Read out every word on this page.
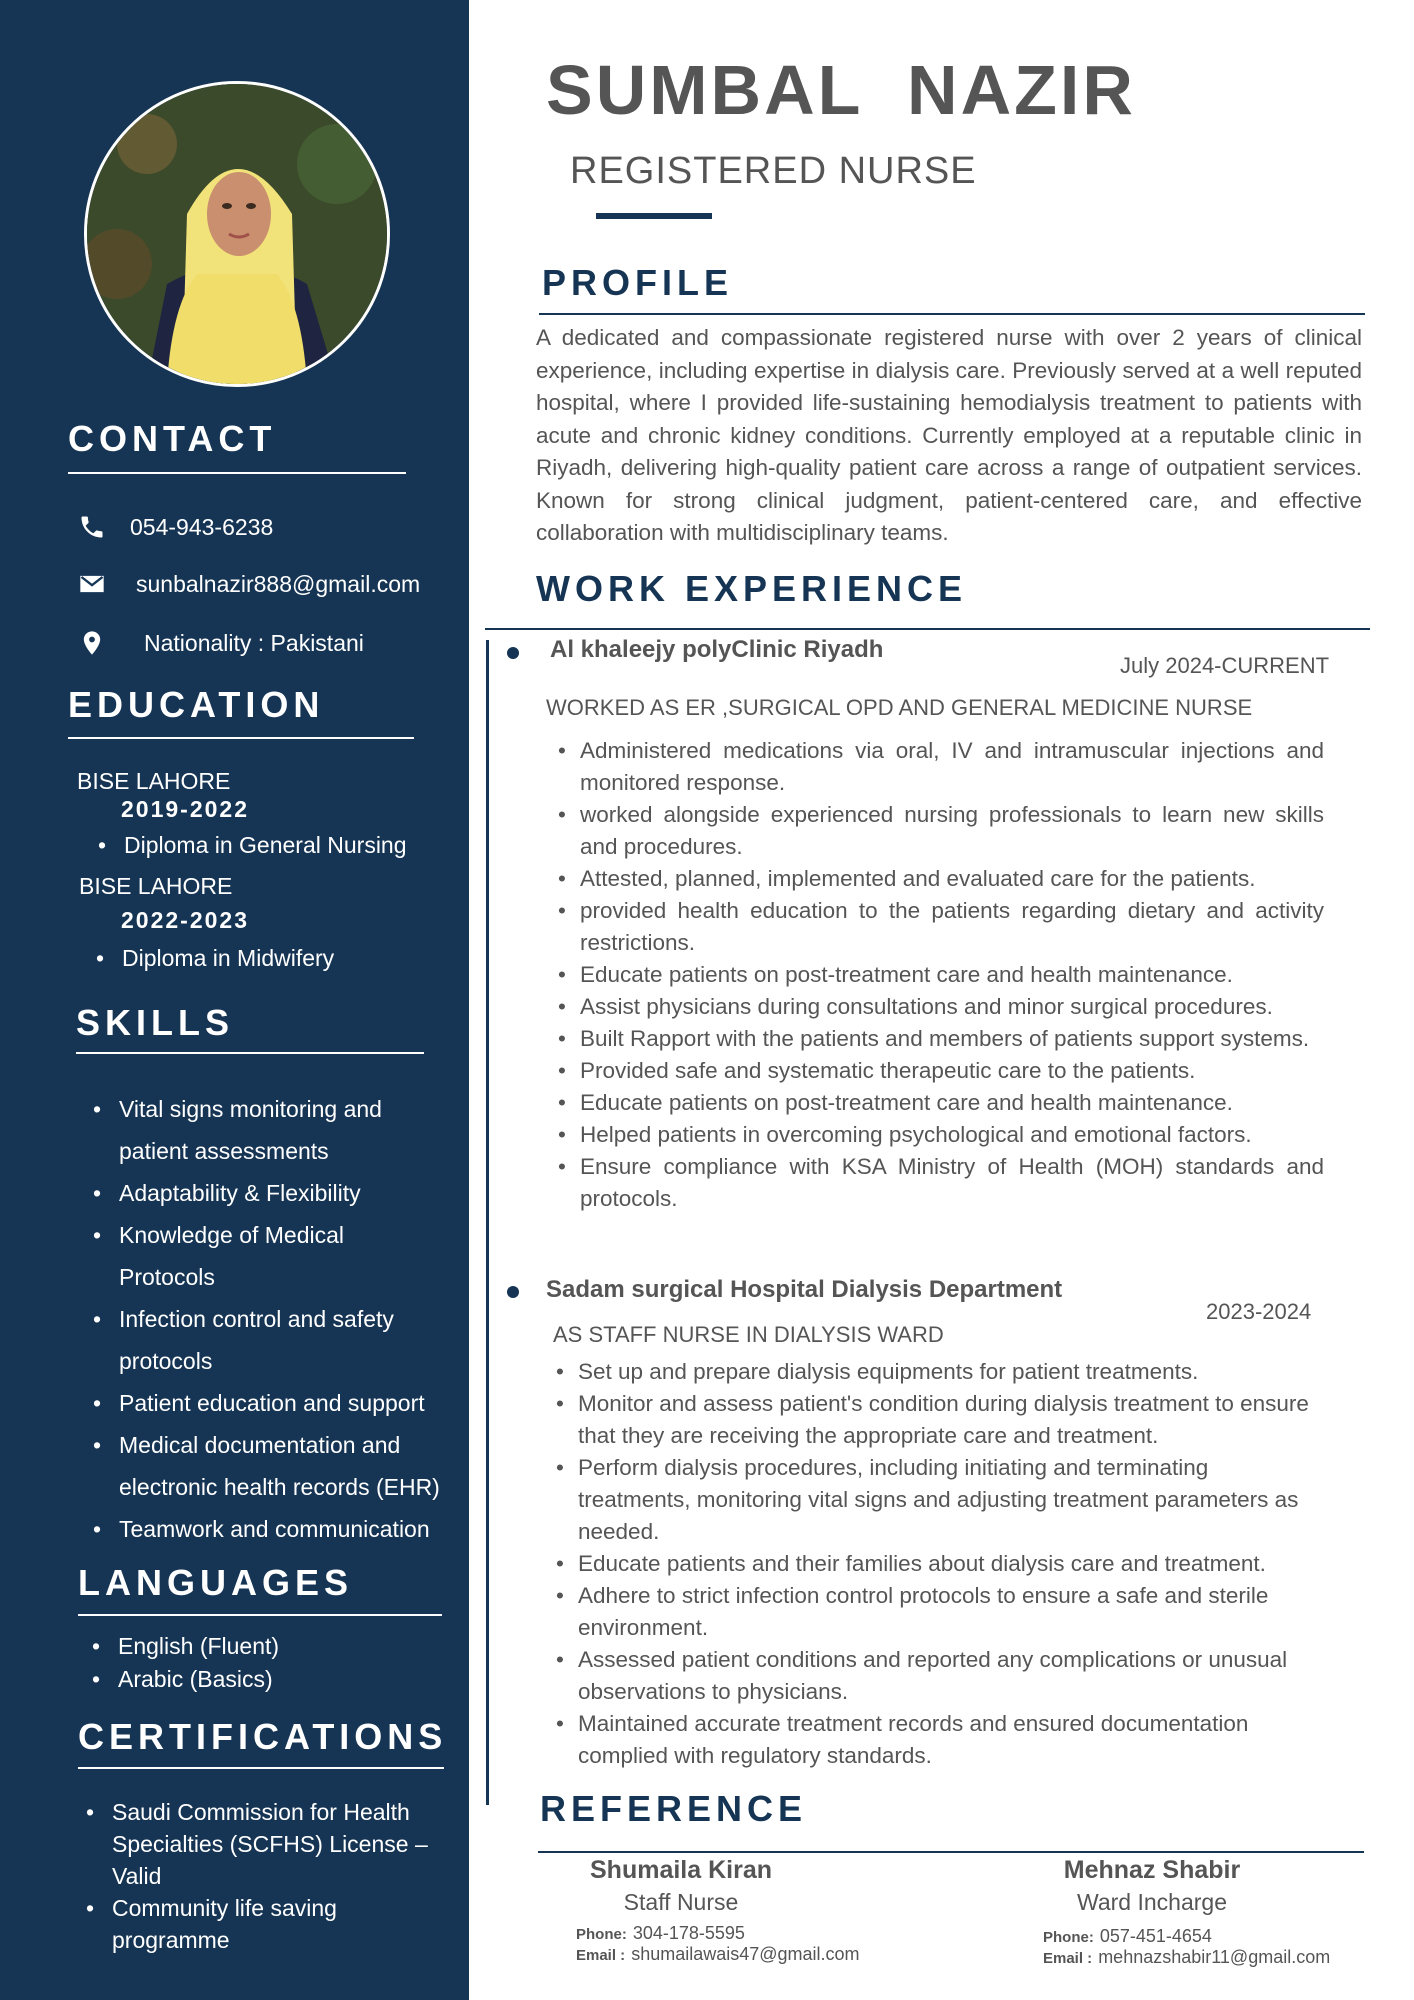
CONTACT
054-943-6238
sunbalnazir888@gmail.com
Nationality : Pakistani
EDUCATION
BISE LAHORE
2019-2022
• Diploma in General Nursing
BISE LAHORE
2022-2023
• Diploma in Midwifery
SKILLS
• Vital signs monitoring and patient assessments
• Adaptability & Flexibility
• Knowledge of Medical Protocols
• Infection control and safety protocols
• Patient education and support
• Medical documentation and electronic health records (EHR)
• Teamwork and communication
LANGUAGES
• English (Fluent)
• Arabic (Basics)
CERTIFICATIONS
• Saudi Commission for Health Specialties (SCFHS) License – Valid
• Community life saving programme
SUMBAL  NAZIR
REGISTERED NURSE
PROFILE

A dedicated and compassionate registered nurse with over 2 years of clinical experience, including expertise in dialysis care. Previously served at a well reputed hospital, where I provided life-sustaining hemodialysis treatment to patients with acute and chronic kidney conditions. Currently employed at a reputable clinic in Riyadh, delivering high-quality patient care across a range of outpatient services. Known for strong clinical judgment, patient-centered care, and effective collaboration with multidisciplinary teams.

WORK EXPERIENCE
Al khaleejy polyClinic Riyadh
July 2024-CURRENT
WORKED AS ER ,SURGICAL OPD AND GENERAL MEDICINE NURSE
• Administered medications via oral, IV and intramuscular injections and monitored response.
• worked alongside experienced nursing professionals to learn new skills and procedures.
• Attested, planned, implemented and evaluated care for the patients.
• provided health education to the patients regarding dietary and activity restrictions.
• Educate patients on post-treatment care and health maintenance.
• Assist physicians during consultations and minor surgical procedures.
• Built Rapport with the patients and members of patients support systems.
• Provided safe and systematic therapeutic care to the patients.
• Educate patients on post-treatment care and health maintenance.
• Helped patients in overcoming psychological and emotional factors.
• Ensure compliance with KSA Ministry of Health (MOH) standards and protocols.
Sadam surgical Hospital Dialysis Department
2023-2024
AS STAFF NURSE IN DIALYSIS WARD
• Set up and prepare dialysis equipments for patient treatments.
• Monitor and assess patient's condition during dialysis treatment to ensure that they are receiving the appropriate care and treatment.
• Perform dialysis procedures, including initiating and terminating treatments, monitoring vital signs and adjusting treatment parameters as needed.
• Educate patients and their families about dialysis care and treatment.
• Adhere to strict infection control protocols to ensure a safe and sterile environment.
• Assessed patient conditions and reported any complications or unusual observations to physicians.
• Maintained accurate treatment records and ensured documentation complied with regulatory standards.
REFERENCE
Shumaila Kiran
Staff Nurse
Phone: 304-178-5595
Email : shumailawais47@gmail.com
Mehnaz Shabir
Ward Incharge
Phone: 057-451-4654
Email : mehnazshabir11@gmail.com
